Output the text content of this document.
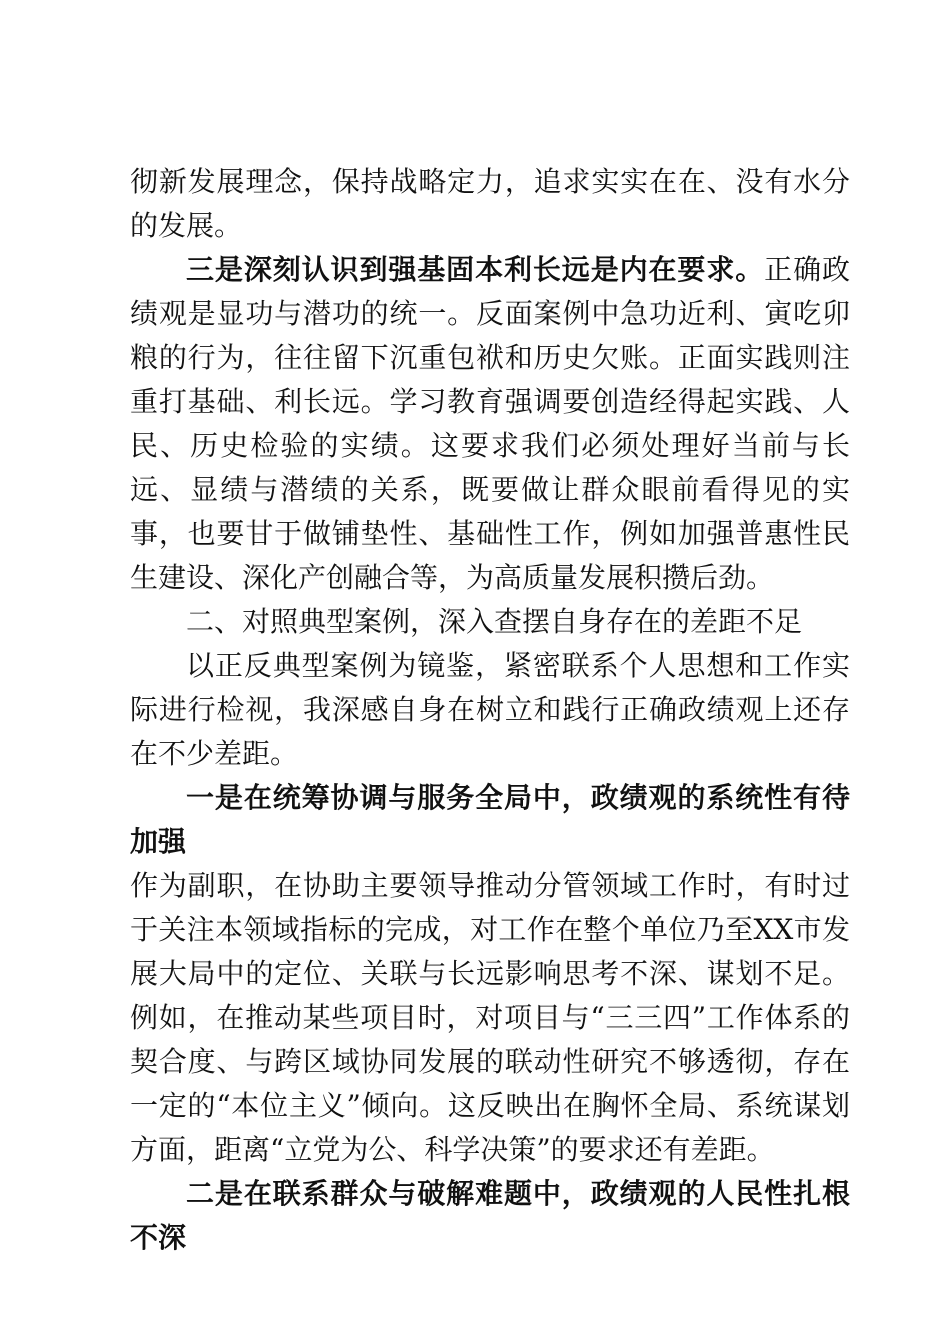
彻新发展理念，保持战略定力，追求实实在在、没有水分的发展。

三是深刻认识到强基固本利长远是内在要求。正确政绩观是显功与潜功的统一。反面案例中急功近利、寅吃卯粮的行为，往往留下沉重包袱和历史欠账。正面实践则注重打基础、利长远。学习教育强调要创造经得起实践、人民、历史检验的实绩。这要求我们必须处理好当前与长远、显绩与潜绩的关系，既要做让群众眼前看得见的实事，也要甘于做铺垫性、基础性工作，例如加强普惠性民生建设、深化产创融合等，为高质量发展积攒后劲。

二、对照典型案例，深入查摆自身存在的差距不足

以正反典型案例为镜鉴，紧密联系个人思想和工作实际进行检视，我深感自身在树立和践行正确政绩观上还存在不少差距。

一是在统筹协调与服务全局中，政绩观的系统性有待加强

作为副职，在协助主要领导推动分管领域工作时，有时过于关注本领域指标的完成，对工作在整个单位乃至XX市发展大局中的定位、关联与长远影响思考不深、谋划不足。例如，在推动某些项目时，对项目与“三三四”工作体系的契合度、与跨区域协同发展的联动性研究不够透彻，存在一定的“本位主义”倾向。这反映出在胸怀全局、系统谋划方面，距离“立党为公、科学决策”的要求还有差距。

二是在联系群众与破解难题中，政绩观的人民性扎根不深
